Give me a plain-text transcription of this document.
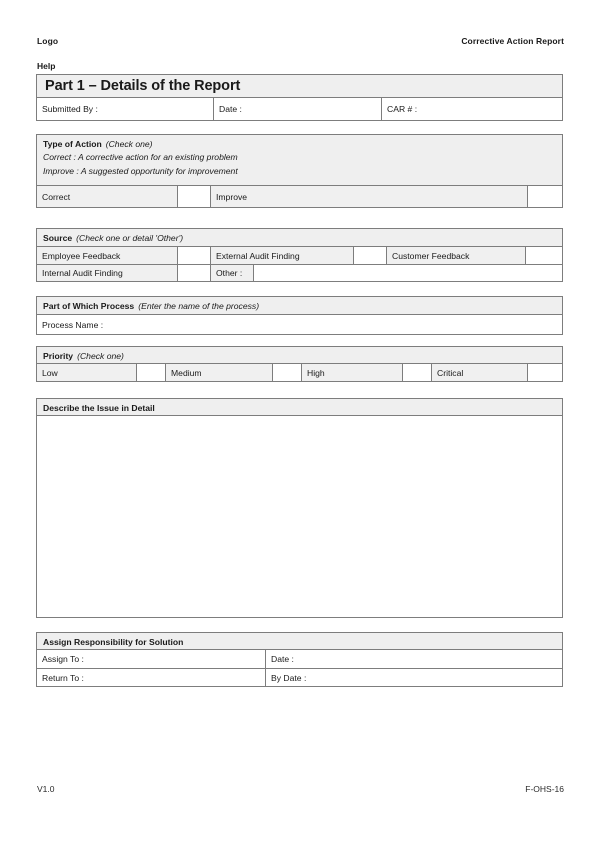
Logo	Corrective Action Report
Help
Part 1 – Details of the Report
Submitted By :	Date :	CAR # :
Type of Action (Check one)
Correct : A corrective action for an existing problem
Improve : A suggested opportunity for improvement
Correct	Improve
Source (Check one or detail 'Other')
Employee Feedback	External Audit Finding	Customer Feedback
Internal Audit Finding	Other :
Part of Which Process (Enter the name of the process)
Process Name :
Priority (Check one)
Low	Medium	High	Critical
Describe the Issue in Detail
Assign Responsibility for Solution
Assign To :	Date :
Return To :	By Date :
V1.0	F-OHS-16
